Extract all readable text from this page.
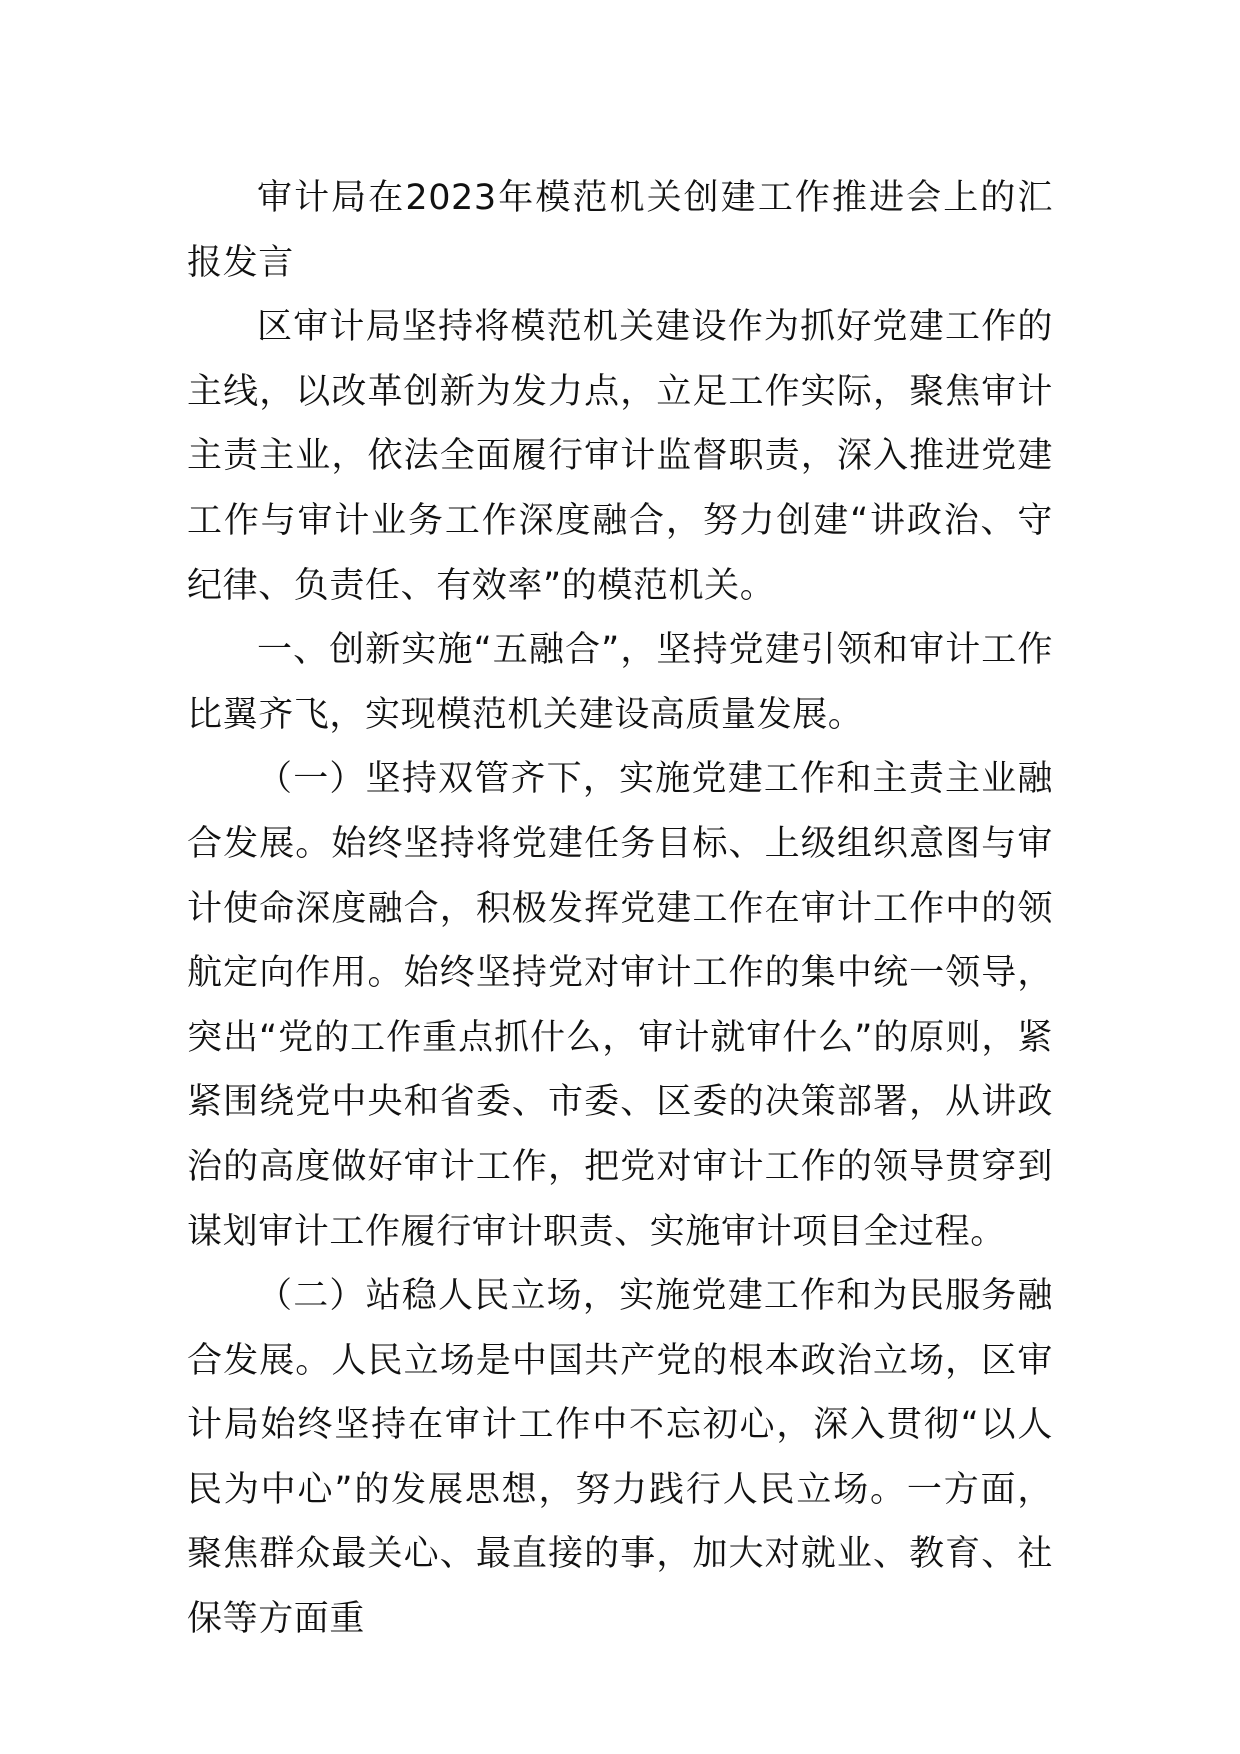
审计局在2023年模范机关创建工作推进会上的汇报发言

区审计局坚持将模范机关建设作为抓好党建工作的主线，以改革创新为发力点，立足工作实际，聚焦审计主责主业，依法全面履行审计监督职责，深入推进党建工作与审计业务工作深度融合，努力创建“讲政治、守纪律、负责任、有效率”的模范机关。

一、创新实施“五融合”，坚持党建引领和审计工作比翼齐飞，实现模范机关建设高质量发展。

（一）坚持双管齐下，实施党建工作和主责主业融合发展。始终坚持将党建任务目标、上级组织意图与审计使命深度融合，积极发挥党建工作在审计工作中的领航定向作用。始终坚持党对审计工作的集中统一领导，突出“党的工作重点抓什么，审计就审什么”的原则，紧紧围绕党中央和省委、市委、区委的决策部署，从讲政治的高度做好审计工作，把党对审计工作的领导贯穿到谋划审计工作履行审计职责、实施审计项目全过程。

（二）站稳人民立场，实施党建工作和为民服务融合发展。人民立场是中国共产党的根本政治立场，区审计局始终坚持在审计工作中不忘初心，深入贯彻“以人民为中心”的发展思想，努力践行人民立场。一方面，聚焦群众最关心、最直接的事，加大对就业、教育、社保等方面重
